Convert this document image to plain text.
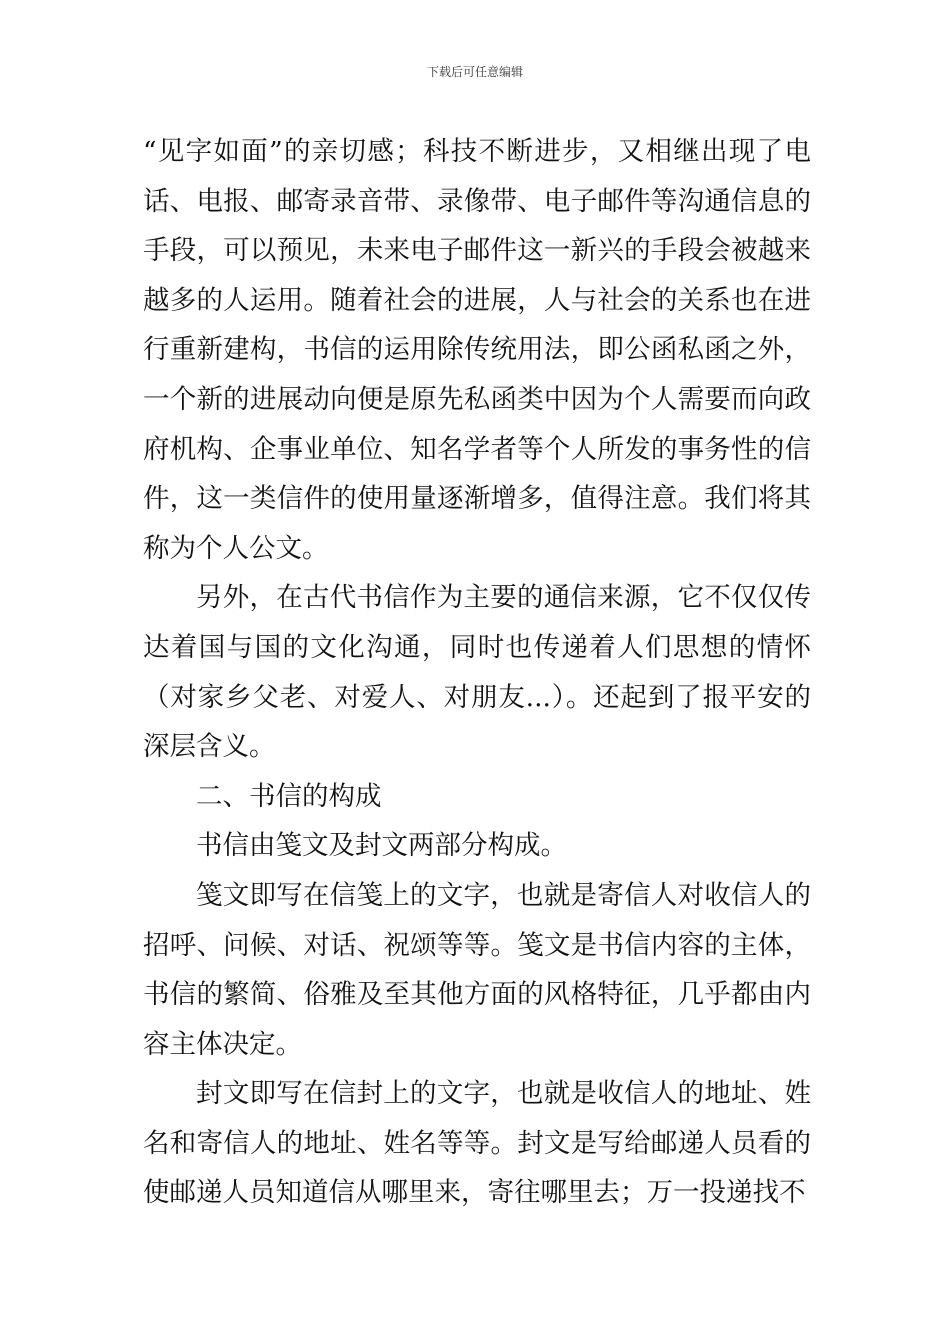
下载后可任意编辑

“见字如面”的亲切感；科技不断进步，又相继出现了电话、电报、邮寄录音带、录像带、电子邮件等沟通信息的手段，可以预见，未来电子邮件这一新兴的手段会被越来越多的人运用。随着社会的进展，人与社会的关系也在进行重新建构，书信的运用除传统用法，即公函私函之外，一个新的进展动向便是原先私函类中因为个人需要而向政府机构、企事业单位、知名学者等个人所发的事务性的信件，这一类信件的使用量逐渐增多，值得注意。我们将其称为个人公文。

另外，在古代书信作为主要的通信来源，它不仅仅传达着国与国的文化沟通，同时也传递着人们思想的情怀（对家乡父老、对爱人、对朋友...）。还起到了报平安的深层含义。

二、书信的构成

书信由笺文及封文两部分构成。

笺文即写在信笺上的文字，也就是寄信人对收信人的招呼、问候、对话、祝颂等等。笺文是书信内容的主体，书信的繁简、俗雅及至其他方面的风格特征，几乎都由内容主体决定。

封文即写在信封上的文字，也就是收信人的地址、姓名和寄信人的地址、姓名等等。封文是写给邮递人员看的使邮递人员知道信从哪里来，寄往哪里去；万一投递找不
